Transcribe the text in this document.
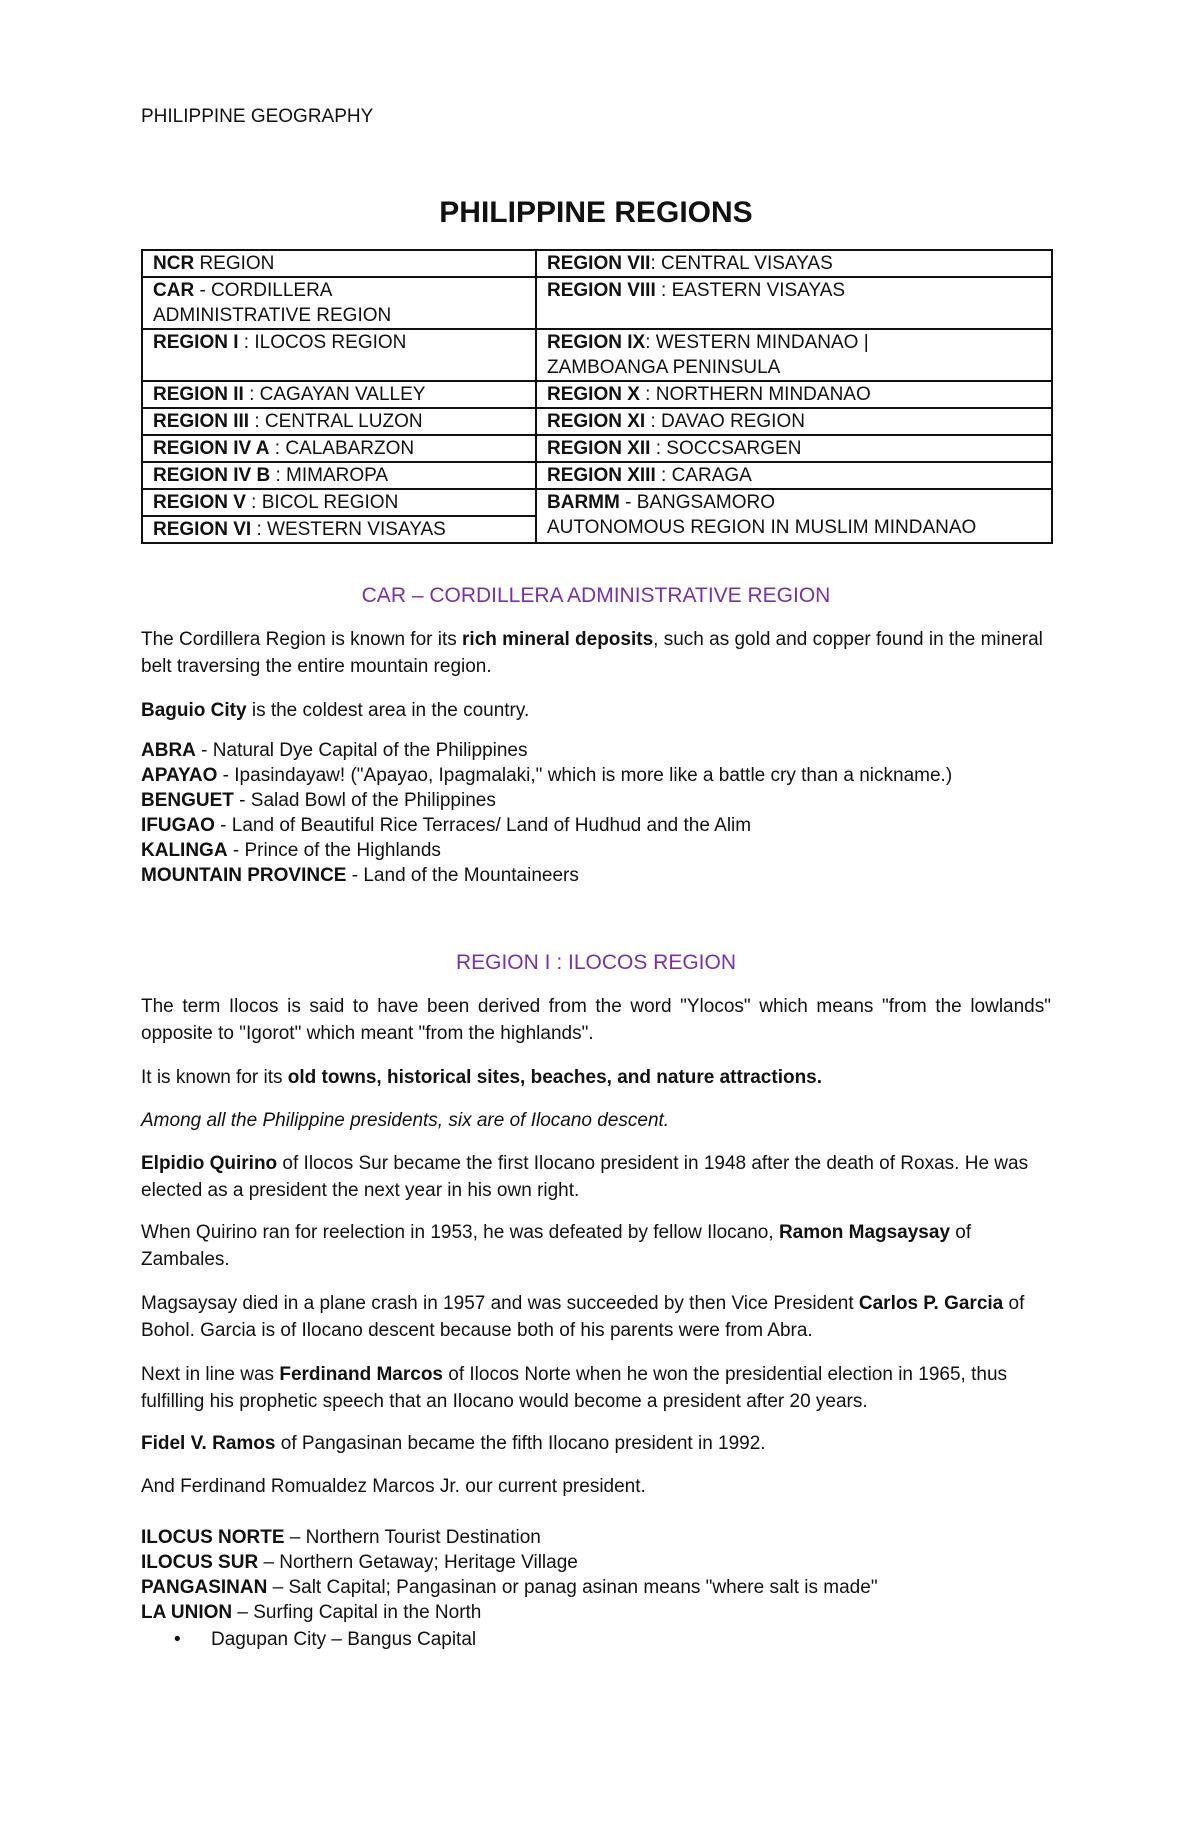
PHILIPPINE GEOGRAPHY
PHILIPPINE REGIONS
NCR REGION	REGION VII: CENTRAL VISAYAS

CAR - CORDILLERA
ADMINISTRATIVE REGION	REGION VIII : EASTERN VISAYAS

REGION I : ILOCOS REGION	REGION IX: WESTERN MINDANAO |
ZAMBOANGA PENINSULA

REGION II : CAGAYAN VALLEY	REGION X : NORTHERN MINDANAO

REGION III : CENTRAL LUZON	REGION XI : DAVAO REGION

REGION IV A : CALABARZON	REGION XII : SOCCSARGEN

REGION IV B : MIMAROPA	REGION XIII : CARAGA

REGION V : BICOL REGION	BARMM - BANGSAMORO
AUTONOMOUS REGION IN MUSLIM MINDANAO

REGION VI : WESTERN VISAYAS	
CAR – CORDILLERA ADMINISTRATIVE REGION
The Cordillera Region is known for its rich mineral deposits, such as gold and copper found in the mineral belt traversing the entire mountain region.
Baguio City is the coldest area in the country.
ABRA - Natural Dye Capital of the Philippines
APAYAO - Ipasindayaw! ("Apayao, Ipagmalaki," which is more like a battle cry than a nickname.)
BENGUET - Salad Bowl of the Philippines
IFUGAO - Land of Beautiful Rice Terraces/ Land of Hudhud and the Alim
KALINGA - Prince of the Highlands
MOUNTAIN PROVINCE - Land of the Mountaineers
REGION I : ILOCOS REGION
The term Ilocos is said to have been derived from the word "Ylocos" which means "from the lowlands" opposite to "Igorot" which meant "from the highlands".
It is known for its old towns, historical sites, beaches, and nature attractions.
Among all the Philippine presidents, six are of Ilocano descent.
Elpidio Quirino of Ilocos Sur became the first Ilocano president in 1948 after the death of Roxas. He was elected as a president the next year in his own right.
When Quirino ran for reelection in 1953, he was defeated by fellow Ilocano, Ramon Magsaysay of Zambales.
Magsaysay died in a plane crash in 1957 and was succeeded by then Vice President Carlos P. Garcia of Bohol. Garcia is of Ilocano descent because both of his parents were from Abra.
Next in line was Ferdinand Marcos of Ilocos Norte when he won the presidential election in 1965, thus fulfilling his prophetic speech that an Ilocano would become a president after 20 years.
Fidel V. Ramos of Pangasinan became the fifth Ilocano president in 1992.
And Ferdinand Romualdez Marcos Jr. our current president.
ILOCUS NORTE – Northern Tourist Destination
ILOCUS SUR – Northern Getaway; Heritage Village
PANGASINAN – Salt Capital; Pangasinan or panag asinan means "where salt is made"
LA UNION – Surfing Capital in the North
• Dagupan City – Bangus Capital
